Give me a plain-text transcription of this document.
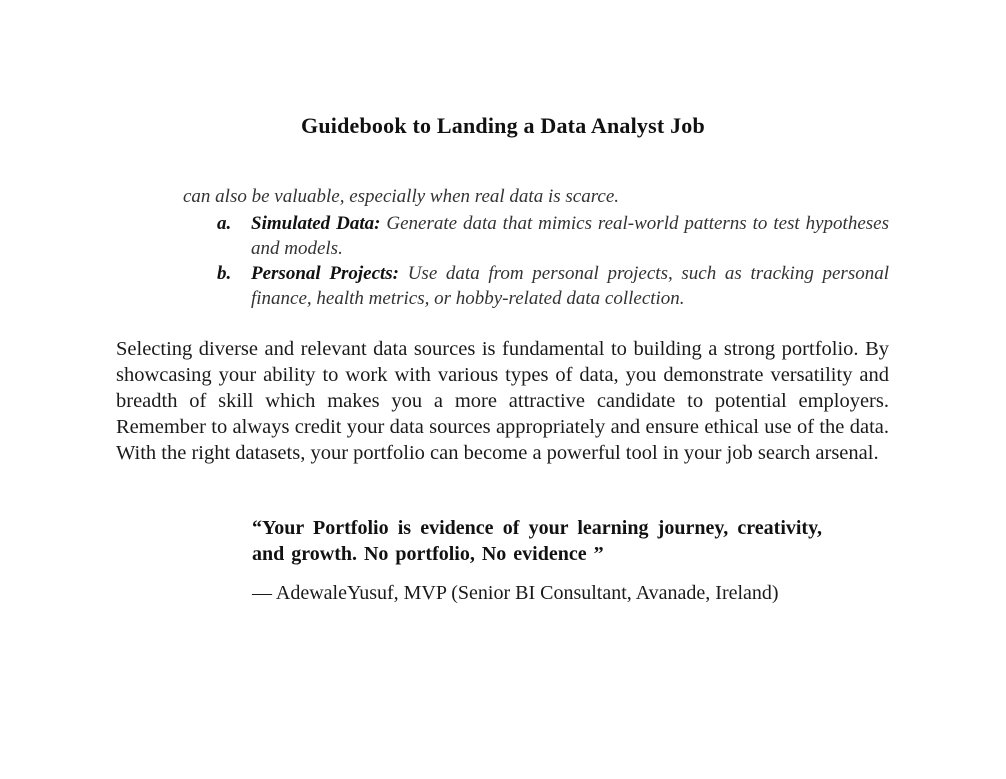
Guidebook to Landing a Data Analyst Job
can also be valuable, especially when real data is scarce.
a. Simulated Data: Generate data that mimics real-world patterns to test hypotheses and models.
b. Personal Projects: Use data from personal projects, such as tracking personal finance, health metrics, or hobby-related data collection.

Selecting diverse and relevant data sources is fundamental to building a strong portfolio. By showcasing your ability to work with various types of data, you demonstrate versatility and breadth of skill which makes you a more attractive candidate to potential employers. Remember to always credit your data sources appropriately and ensure ethical use of the data. With the right datasets, your portfolio can become a powerful tool in your job search arsenal.

“Your Portfolio is evidence of your learning journey, creativity, and growth. No portfolio, No evidence ”

— AdewaleYusuf, MVP (Senior BI Consultant, Avanade, Ireland)
